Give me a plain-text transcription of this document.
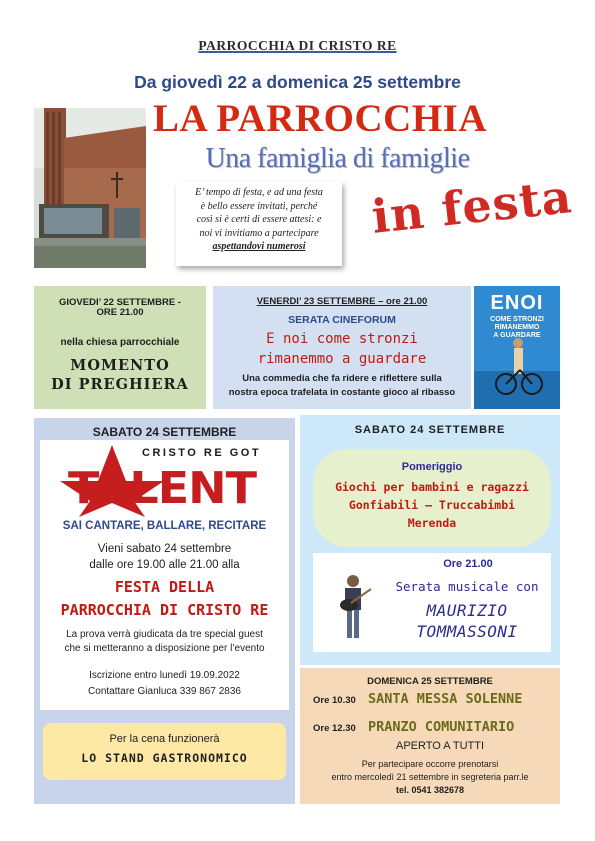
PARROCCHIA DI CRISTO RE
Da giovedì 22 a domenica 25 settembre
LA PARROCCHIA
Una famiglia di famiglie
E’ tempo di festa, e ad una festa
è bello essere invitati, perché
così si è certi di essere attesi: e
noi vi invitiamo a partecipare
aspettandovi numerosi
in festa
GIOVEDI’ 22 SETTEMBRE -
ORE 21.00
nella chiesa parrocchiale
MOMENTO
DI PREGHIERA
VENERDI’ 23 SETTEMBRE – ore 21.00
SERATA CINEFORUM
E noi come stronzi
rimanemmo a guardare
Una commedia che fa ridere e riflettere sulla
nostra epoca trafelata in costante gioco al ribasso
ENOI
COME STRONZI
RIMANEMMO
A GUARDARE
SABATO 24 SETTEMBRE
CRISTO RE GOT
TALENT
SAI CANTARE, BALLARE, RECITARE
Vieni sabato 24 settembre
dalle ore 19.00 alle 21.00 alla
FESTA DELLA
PARROCCHIA DI CRISTO RE
La prova verrà giudicata da tre special guest
che si metteranno a disposizione per l’evento
Iscrizione entro lunedì 19.09.2022
Contattare Gianluca 339 867 2836
Per la cena funzionerà
LO STAND GASTRONOMICO
SABATO 24 SETTEMBRE
Pomeriggio
Giochi per bambini e ragazzi
Gonfiabili – Truccabimbi
Merenda
Ore 21.00
Serata musicale con
MAURIZIO
TOMMASSONI
DOMENICA 25 SETTEMBRE
Ore 10.30 SANTA MESSA SOLENNE
Ore 12.30 PRANZO COMUNITARIO
APERTO A TUTTI
Per partecipare occorre prenotarsi
entro mercoledì 21 settembre in segreteria parr.le
tel. 0541 382678
